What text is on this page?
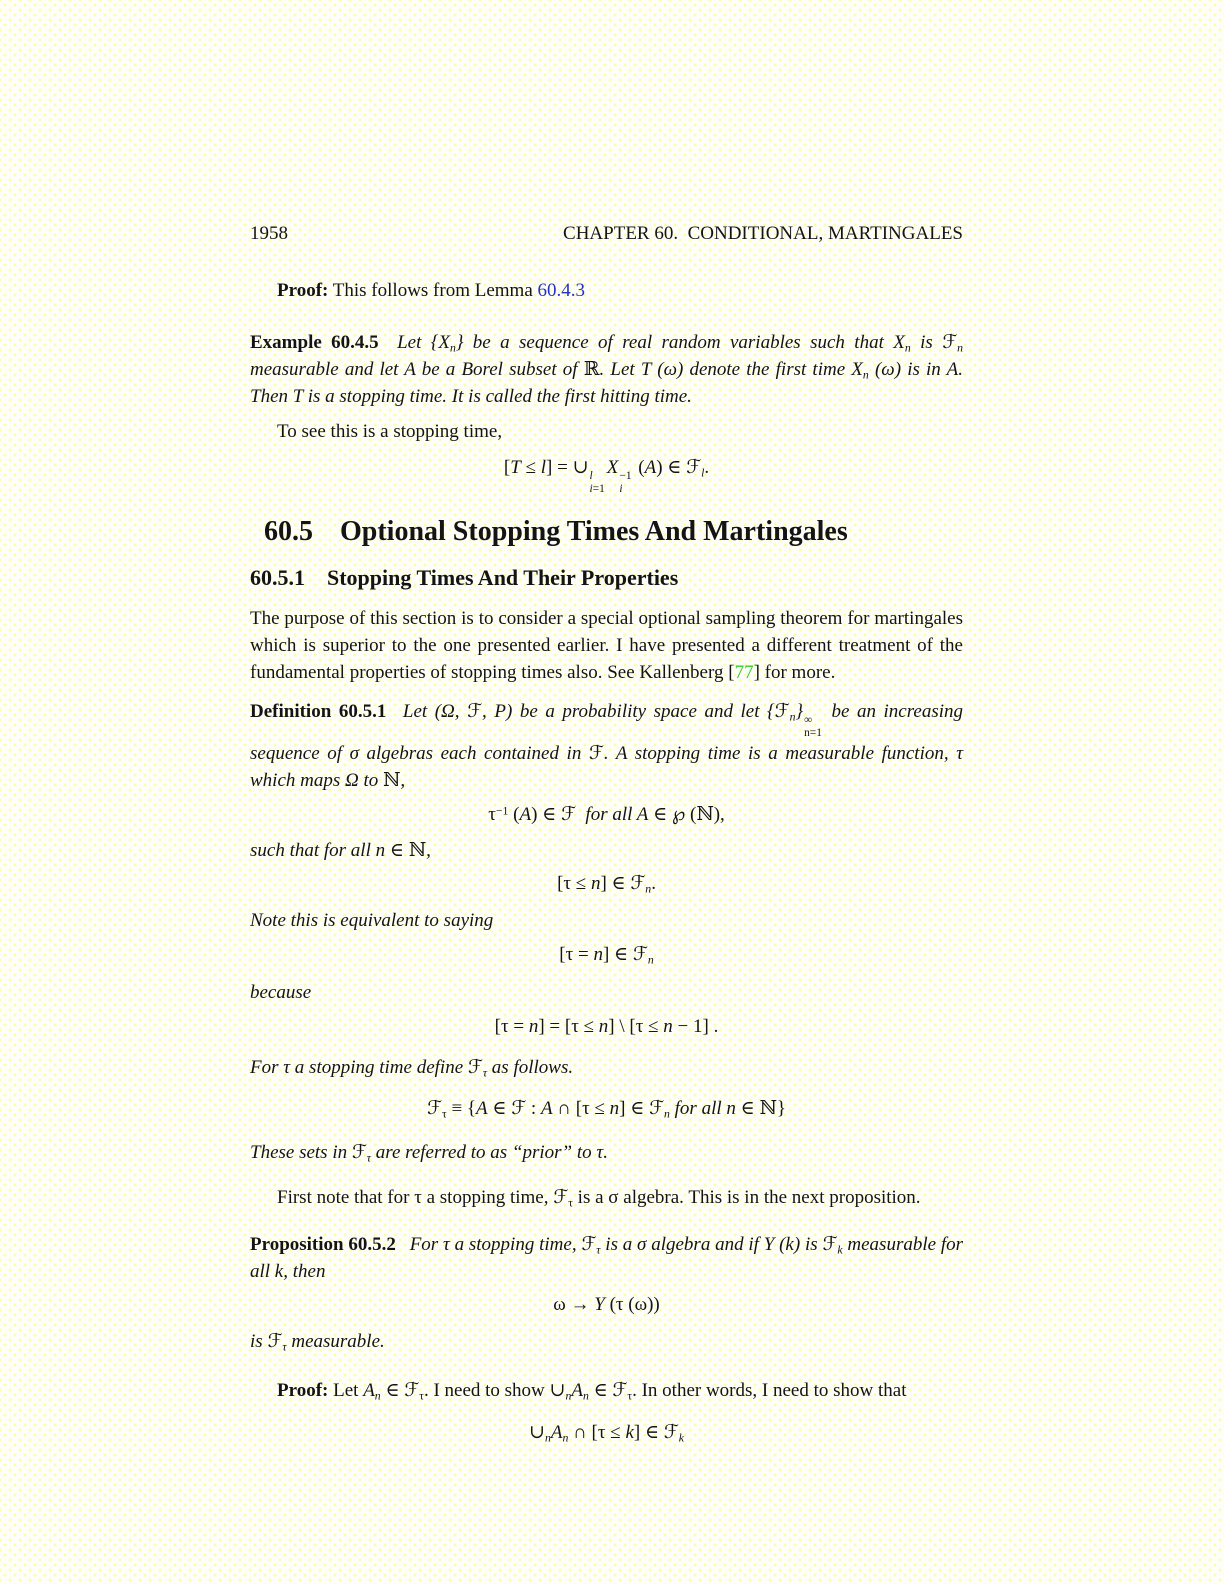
1958	CHAPTER 60.  CONDITIONAL, MARTINGALES

Proof: This follows from Lemma 60.4.3

Example 60.4.5 Let $\{X_n\}$ be a sequence of real random variables such that $X_n$ is ℱ$_n$ measurable and let A be a Borel subset of ℝ. Let T (ω) denote the first time $X_n$ (ω) is in A. Then T is a stopping time. It is called the first hitting time.

To see this is a stopping time,

[T ≤ l] = ∪ l
i=1
X −1
i
(A) ∈ ℱ$_l$.
60.5 Optional Stopping Times And Martingales
60.5.1 Stopping Times And Their Properties

The purpose of this section is to consider a special optional sampling theorem for martingales which is superior to the one presented earlier. I have presented a different treatment of the fundamental properties of stopping times also. See Kallenberg [77] for more.

Definition 60.5.1 Let (Ω, ℱ, P) be a probability space and let {ℱ$_n$} ∞
n=1
be an increasing sequence of σ algebras each contained in ℱ. A stopping time is a measurable function, τ which maps Ω to ℕ,

$\tau^{-1}$ (A) ∈ ℱ for all A ∈ ℘ (ℕ),

such that for all n ∈ ℕ,

[τ ≤ n] ∈ ℱ$_n$.

Note this is equivalent to saying

[τ = n] ∈ ℱ$_n$

because

[τ = n] = [τ ≤ n] \ [τ ≤ n − 1] .

For τ a stopping time define ℱ$_\tau$ as follows.

ℱ$_\tau$ ≡ {A ∈ ℱ : A ∩ [τ ≤ n] ∈ ℱ$_n$ for all n ∈ ℕ}

These sets in ℱ$_\tau$ are referred to as “prior” to τ.

First note that for τ a stopping time, ℱ$_\tau$ is a σ algebra. This is in the next proposition.

Proposition 60.5.2 For τ a stopping time, ℱ$_\tau$ is a σ algebra and if Y (k) is ℱ$_k$ measurable for all k, then

ω → Y (τ (ω))

is ℱ$_\tau$ measurable.

Proof: Let $A_n$ ∈ ℱ$_\tau$. I need to show $\cup_nA_n$ ∈ ℱ$_\tau$. In other words, I need to show that

$\cup_nA_n$ ∩ [τ ≤ k] ∈ ℱ$_k$
